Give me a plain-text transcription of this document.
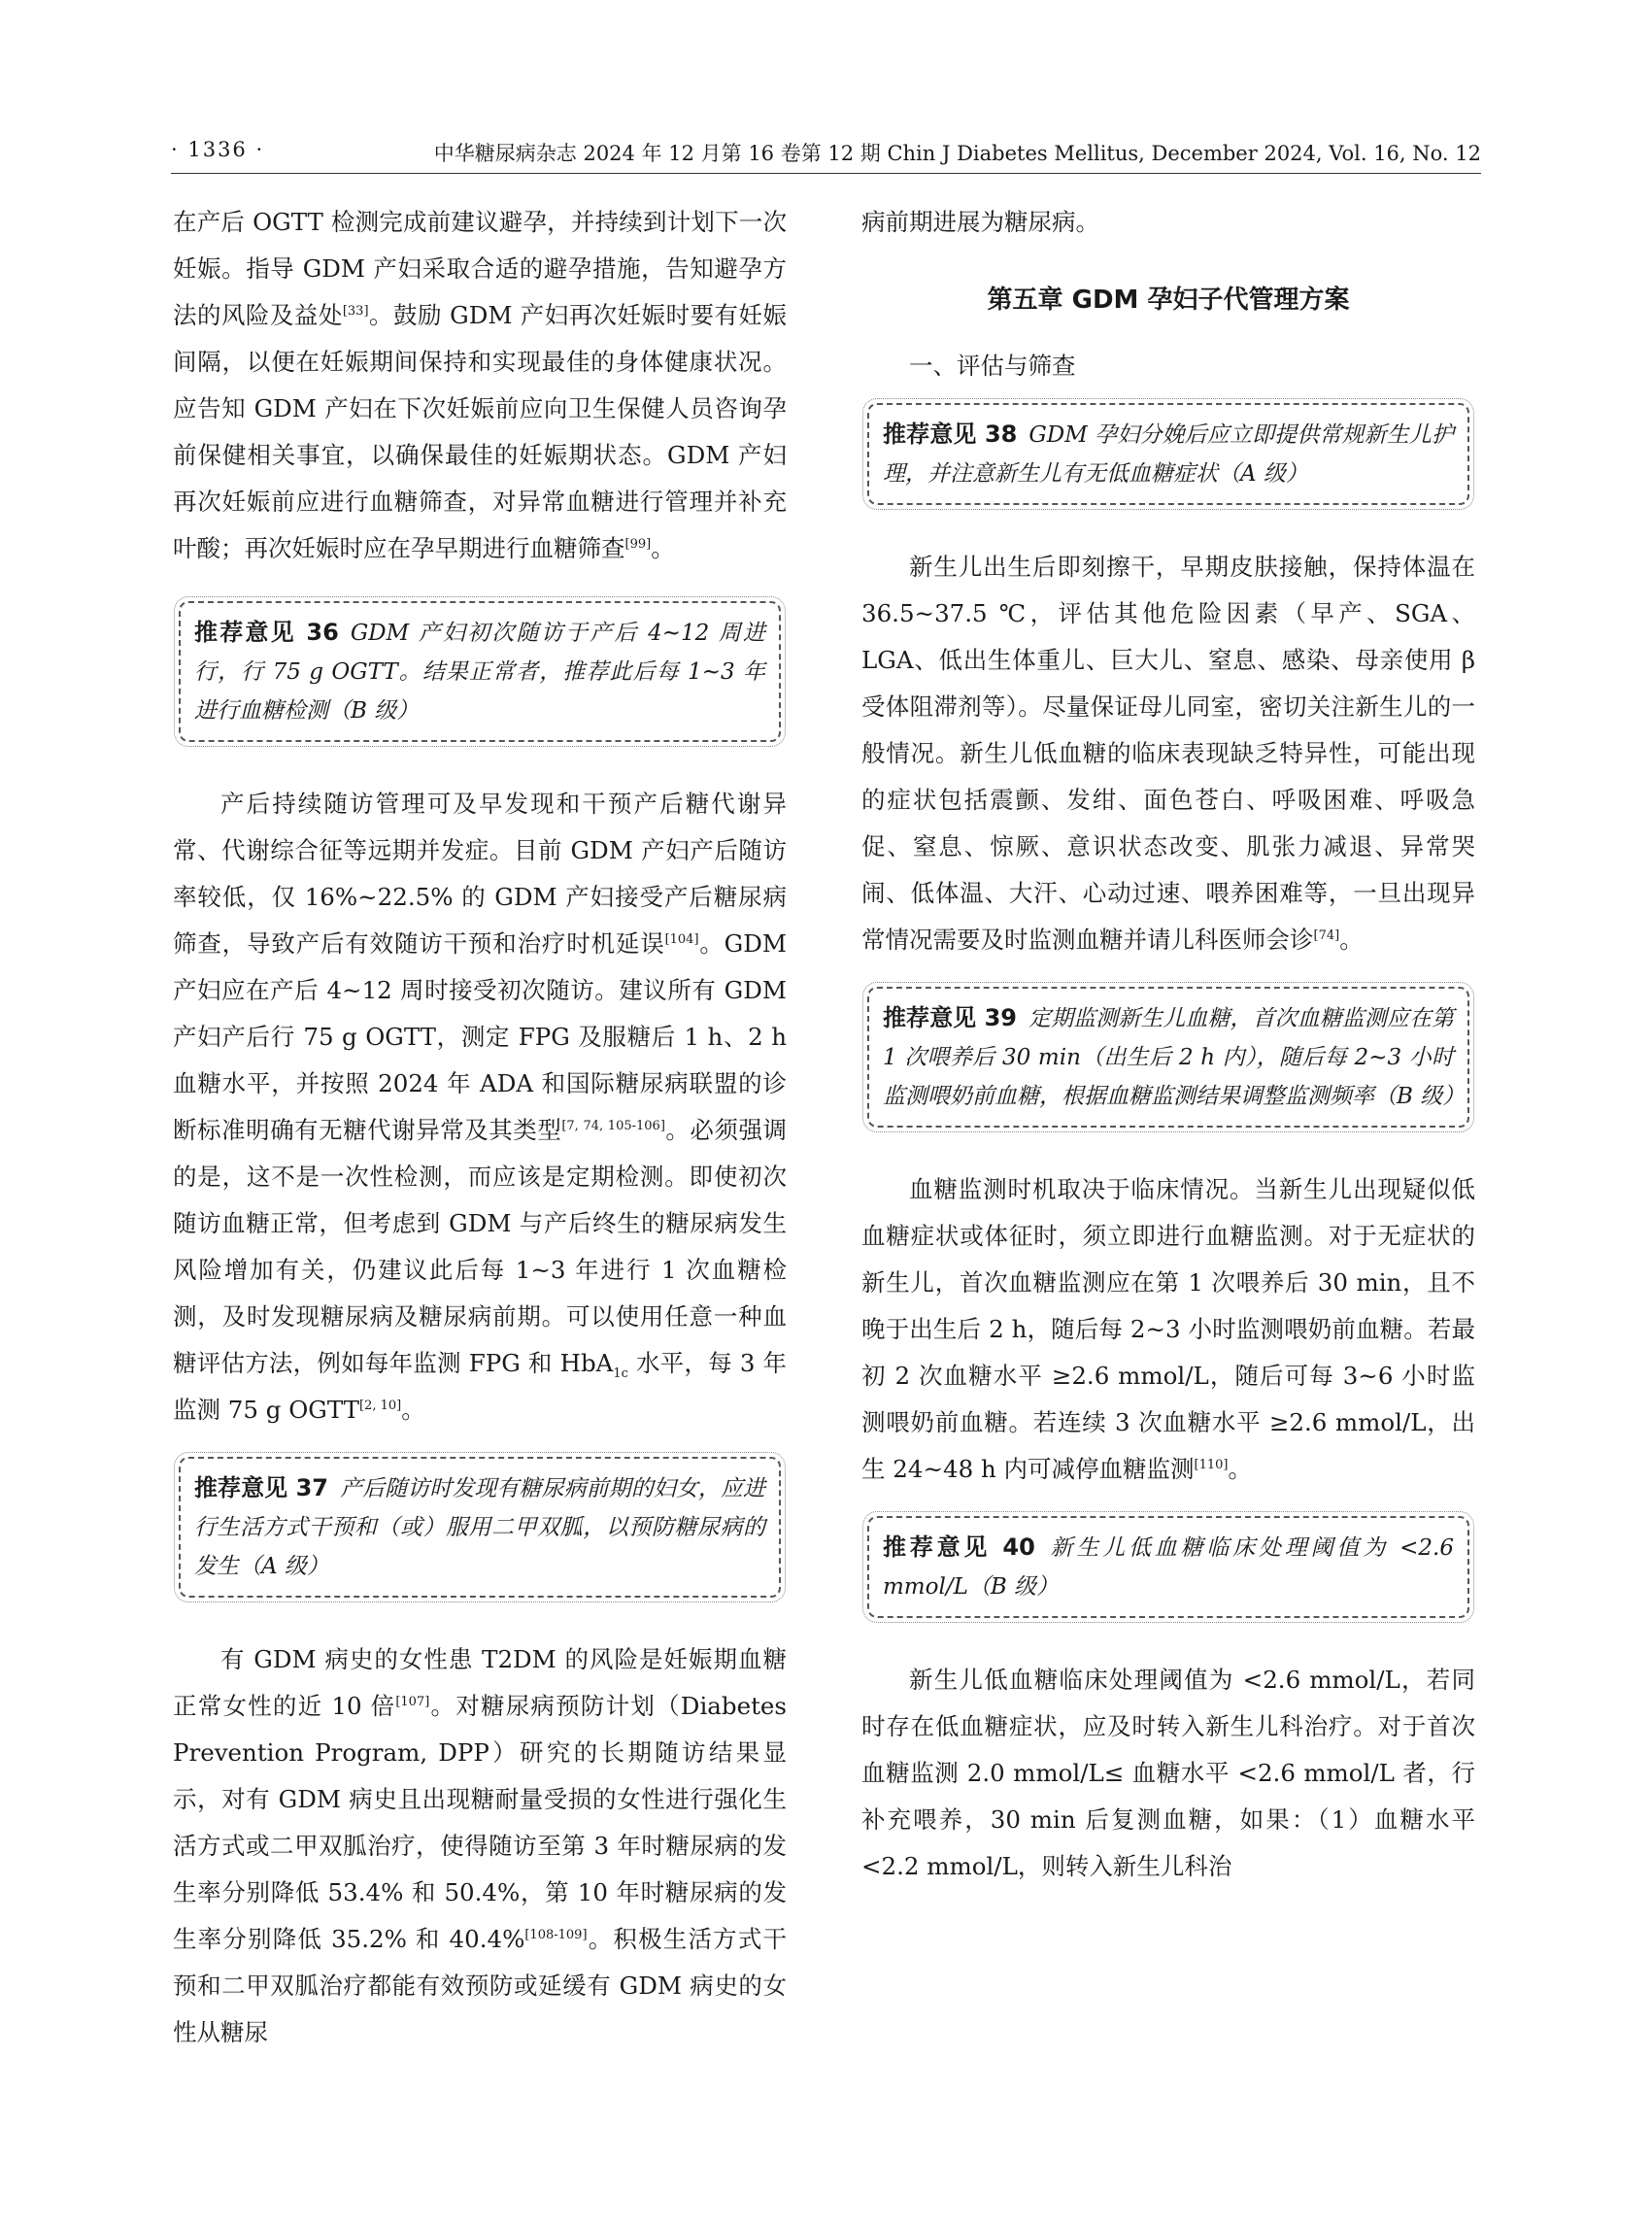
· 1336 ·	中华糖尿病杂志 2024 年 12 月第 16 卷第 12 期 Chin J Diabetes Mellitus, December 2024, Vol. 16, No. 12

在产后 OGTT 检测完成前建议避孕，并持续到计划下一次妊娠。指导 GDM 产妇采取合适的避孕措施，告知避孕方法的风险及益处[33]。鼓励 GDM 产妇再次妊娠时要有妊娠间隔，以便在妊娠期间保持和实现最佳的身体健康状况。应告知 GDM 产妇在下次妊娠前应向卫生保健人员咨询孕前保健相关事宜，以确保最佳的妊娠期状态。GDM 产妇再次妊娠前应进行血糖筛查，对异常血糖进行管理并补充叶酸；再次妊娠时应在孕早期进行血糖筛查[99]。

推荐意见 36 GDM 产妇初次随访于产后 4~12 周进行，行 75 g OGTT。结果正常者，推荐此后每 1~3 年进行血糖检测（B 级）

产后持续随访管理可及早发现和干预产后糖代谢异常、代谢综合征等远期并发症。目前 GDM 产妇产后随访率较低，仅 16%~22.5% 的 GDM 产妇接受产后糖尿病筛查，导致产后有效随访干预和治疗时机延误[104]。GDM 产妇应在产后 4~12 周时接受初次随访。建议所有 GDM 产妇产后行 75 g OGTT，测定 FPG 及服糖后 1 h、2 h 血糖水平，并按照 2024 年 ADA 和国际糖尿病联盟的诊断标准明确有无糖代谢异常及其类型[7, 74, 105-106]。必须强调的是，这不是一次性检测，而应该是定期检测。即使初次随访血糖正常，但考虑到 GDM 与产后终生的糖尿病发生风险增加有关，仍建议此后每 1~3 年进行 1 次血糖检测，及时发现糖尿病及糖尿病前期。可以使用任意一种血糖评估方法，例如每年监测 FPG 和 HbA$_{1c}$ 水平，每 3 年监测 75 g OGTT[2, 10]。

推荐意见 37 产后随访时发现有糖尿病前期的妇女，应进行生活方式干预和（或）服用二甲双胍，以预防糖尿病的发生（A 级）

有 GDM 病史的女性患 T2DM 的风险是妊娠期血糖正常女性的近 10 倍[107]。对糖尿病预防计划（Diabetes Prevention Program, DPP）研究的长期随访结果显示，对有 GDM 病史且出现糖耐量受损的女性进行强化生活方式或二甲双胍治疗，使得随访至第 3 年时糖尿病的发生率分别降低 53.4% 和 50.4%，第 10 年时糖尿病的发生率分别降低 35.2% 和 40.4%[108-109]。积极生活方式干预和二甲双胍治疗都能有效预防或延缓有 GDM 病史的女性从糖尿

病前期进展为糖尿病。

第五章 GDM 孕妇子代管理方案

一、评估与筛查

推荐意见 38 GDM 孕妇分娩后应立即提供常规新生儿护理，并注意新生儿有无低血糖症状（A 级）

新生儿出生后即刻擦干，早期皮肤接触，保持体温在 36.5~37.5 ℃，评估其他危险因素（早产、SGA、LGA、低出生体重儿、巨大儿、窒息、感染、母亲使用 β 受体阻滞剂等）。尽量保证母儿同室，密切关注新生儿的一般情况。新生儿低血糖的临床表现缺乏特异性，可能出现的症状包括震颤、发绀、面色苍白、呼吸困难、呼吸急促、窒息、惊厥、意识状态改变、肌张力减退、异常哭闹、低体温、大汗、心动过速、喂养困难等，一旦出现异常情况需要及时监测血糖并请儿科医师会诊[74]。

推荐意见 39 定期监测新生儿血糖，首次血糖监测应在第 1 次喂养后 30 min（出生后 2 h 内），随后每 2~3 小时监测喂奶前血糖，根据血糖监测结果调整监测频率（B 级）

血糖监测时机取决于临床情况。当新生儿出现疑似低血糖症状或体征时，须立即进行血糖监测。对于无症状的新生儿，首次血糖监测应在第 1 次喂养后 30 min，且不晚于出生后 2 h，随后每 2~3 小时监测喂奶前血糖。若最初 2 次血糖水平 ≥2.6 mmol/L，随后可每 3~6 小时监测喂奶前血糖。若连续 3 次血糖水平 ≥2.6 mmol/L，出生 24~48 h 内可减停血糖监测[110]。

推荐意见 40 新生儿低血糖临床处理阈值为 <2.6 mmol/L（B 级）

新生儿低血糖临床处理阈值为 <2.6 mmol/L，若同时存在低血糖症状，应及时转入新生儿科治疗。对于首次血糖监测 2.0 mmol/L≤ 血糖水平 <2.6 mmol/L 者，行补充喂养，30 min 后复测血糖，如果：（1）血糖水平 <2.2 mmol/L，则转入新生儿科治
